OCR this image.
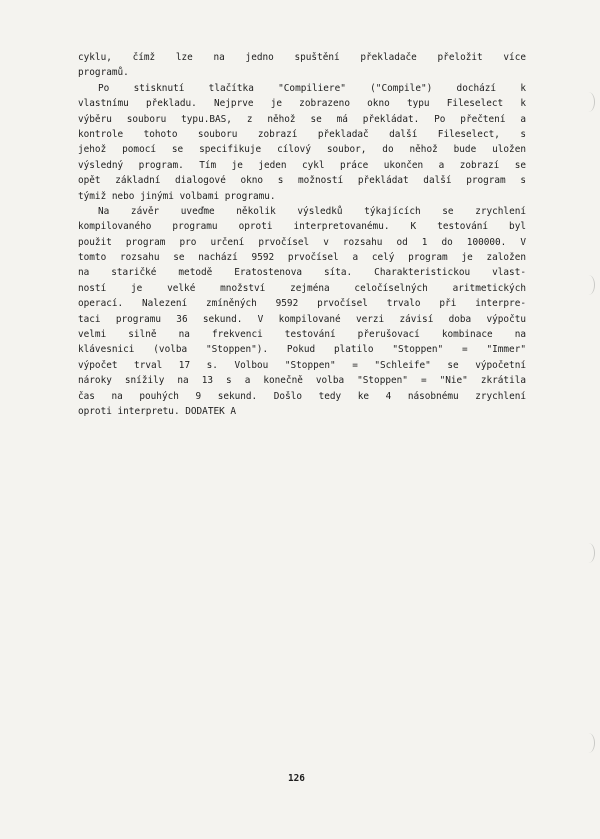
cyklu, čímž lze na jedno spuštění překladače přeložit více
programů.
Po stisknutí tlačítka "Compiliere" ("Compile") dochází k
vlastnímu překladu. Nejprve je zobrazeno okno typu Fileselect k
výběru souboru typu.BAS, z něhož se má překládat. Po přečtení a
kontrole tohoto souboru zobrazí překladač další Fileselect, s
jehož pomocí se specifikuje cílový soubor, do něhož bude uložen
výsledný program. Tím je jeden cykl práce ukončen a zobrazí se
opět základní dialogové okno s možností překládat další program s
týmiž nebo jinými volbami programu.
Na závěr uveďme několik výsledků týkajících se zrychlení
kompilovaného programu oproti interpretovanému. K testování byl
použit program pro určení prvočísel v rozsahu od 1 do 100000. V
tomto rozsahu se nachází 9592 prvočísel a celý program je založen
na staričké metodě Eratostenova síta. Charakteristickou vlast-
ností je velké množství zejména celočíselných aritmetických
operací. Nalezení zmíněných 9592 prvočísel trvalo při interpre-
taci programu 36 sekund. V kompilované verzi závisí doba výpočtu
velmi silně na frekvenci testování přerušovací kombinace na
klávesnici (volba "Stoppen"). Pokud platilo "Stoppen" = "Immer"
výpočet trval 17 s. Volbou "Stoppen" = "Schleife" se výpočetní
nároky snížily na 13 s a konečně volba "Stoppen" = "Nie" zkrátila
čas na pouhých 9 sekund. Došlo tedy ke 4 násobnému zrychlení
oproti interpretu. DODATEK A
126
